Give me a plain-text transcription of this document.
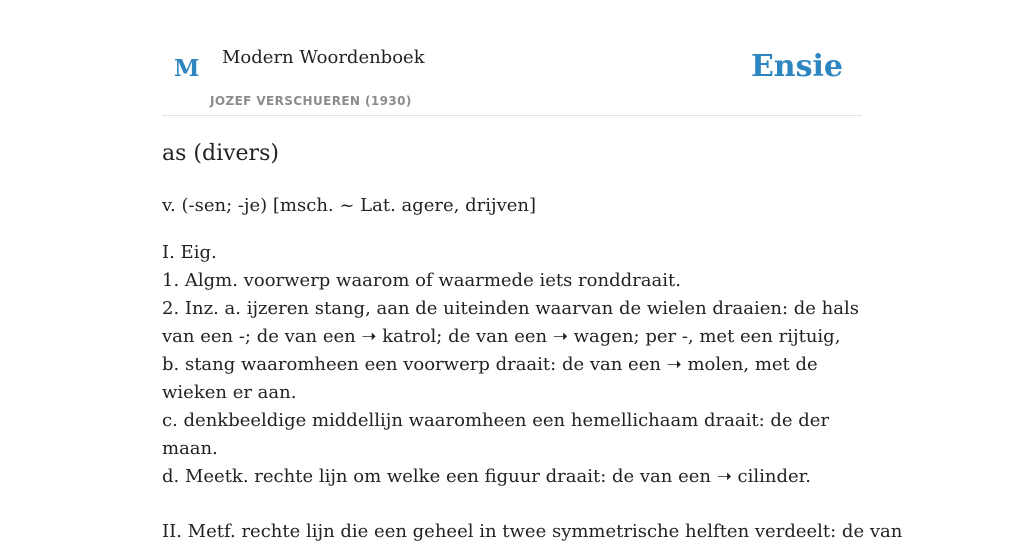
M Modern Woordenboek
JOZEF VERSCHUEREN (1930)
Ensie
as (divers)
v. (-sen; -je) [msch. ~ Lat. agere, drijven]
I. Eig.
1. Algm. voorwerp waarom of waarmede iets ronddraait.
2. Inz. a. ijzeren stang, aan de uiteinden waarvan de wielen draaien: de hals van een -; de van een ➝ katrol; de van een ➝ wagen; per -, met een rijtuig,
b. stang waaromheen een voorwerp draait: de van een ➝ molen, met de wieken er aan.
c. denkbeeldige middellijn waaromheen een hemellichaam draait: de der maan.
d. Meetk. rechte lijn om welke een figuur draait: de van een ➝ cilinder.
II. Metf. rechte lijn die een geheel in twee symmetrische helften verdeelt: de van
